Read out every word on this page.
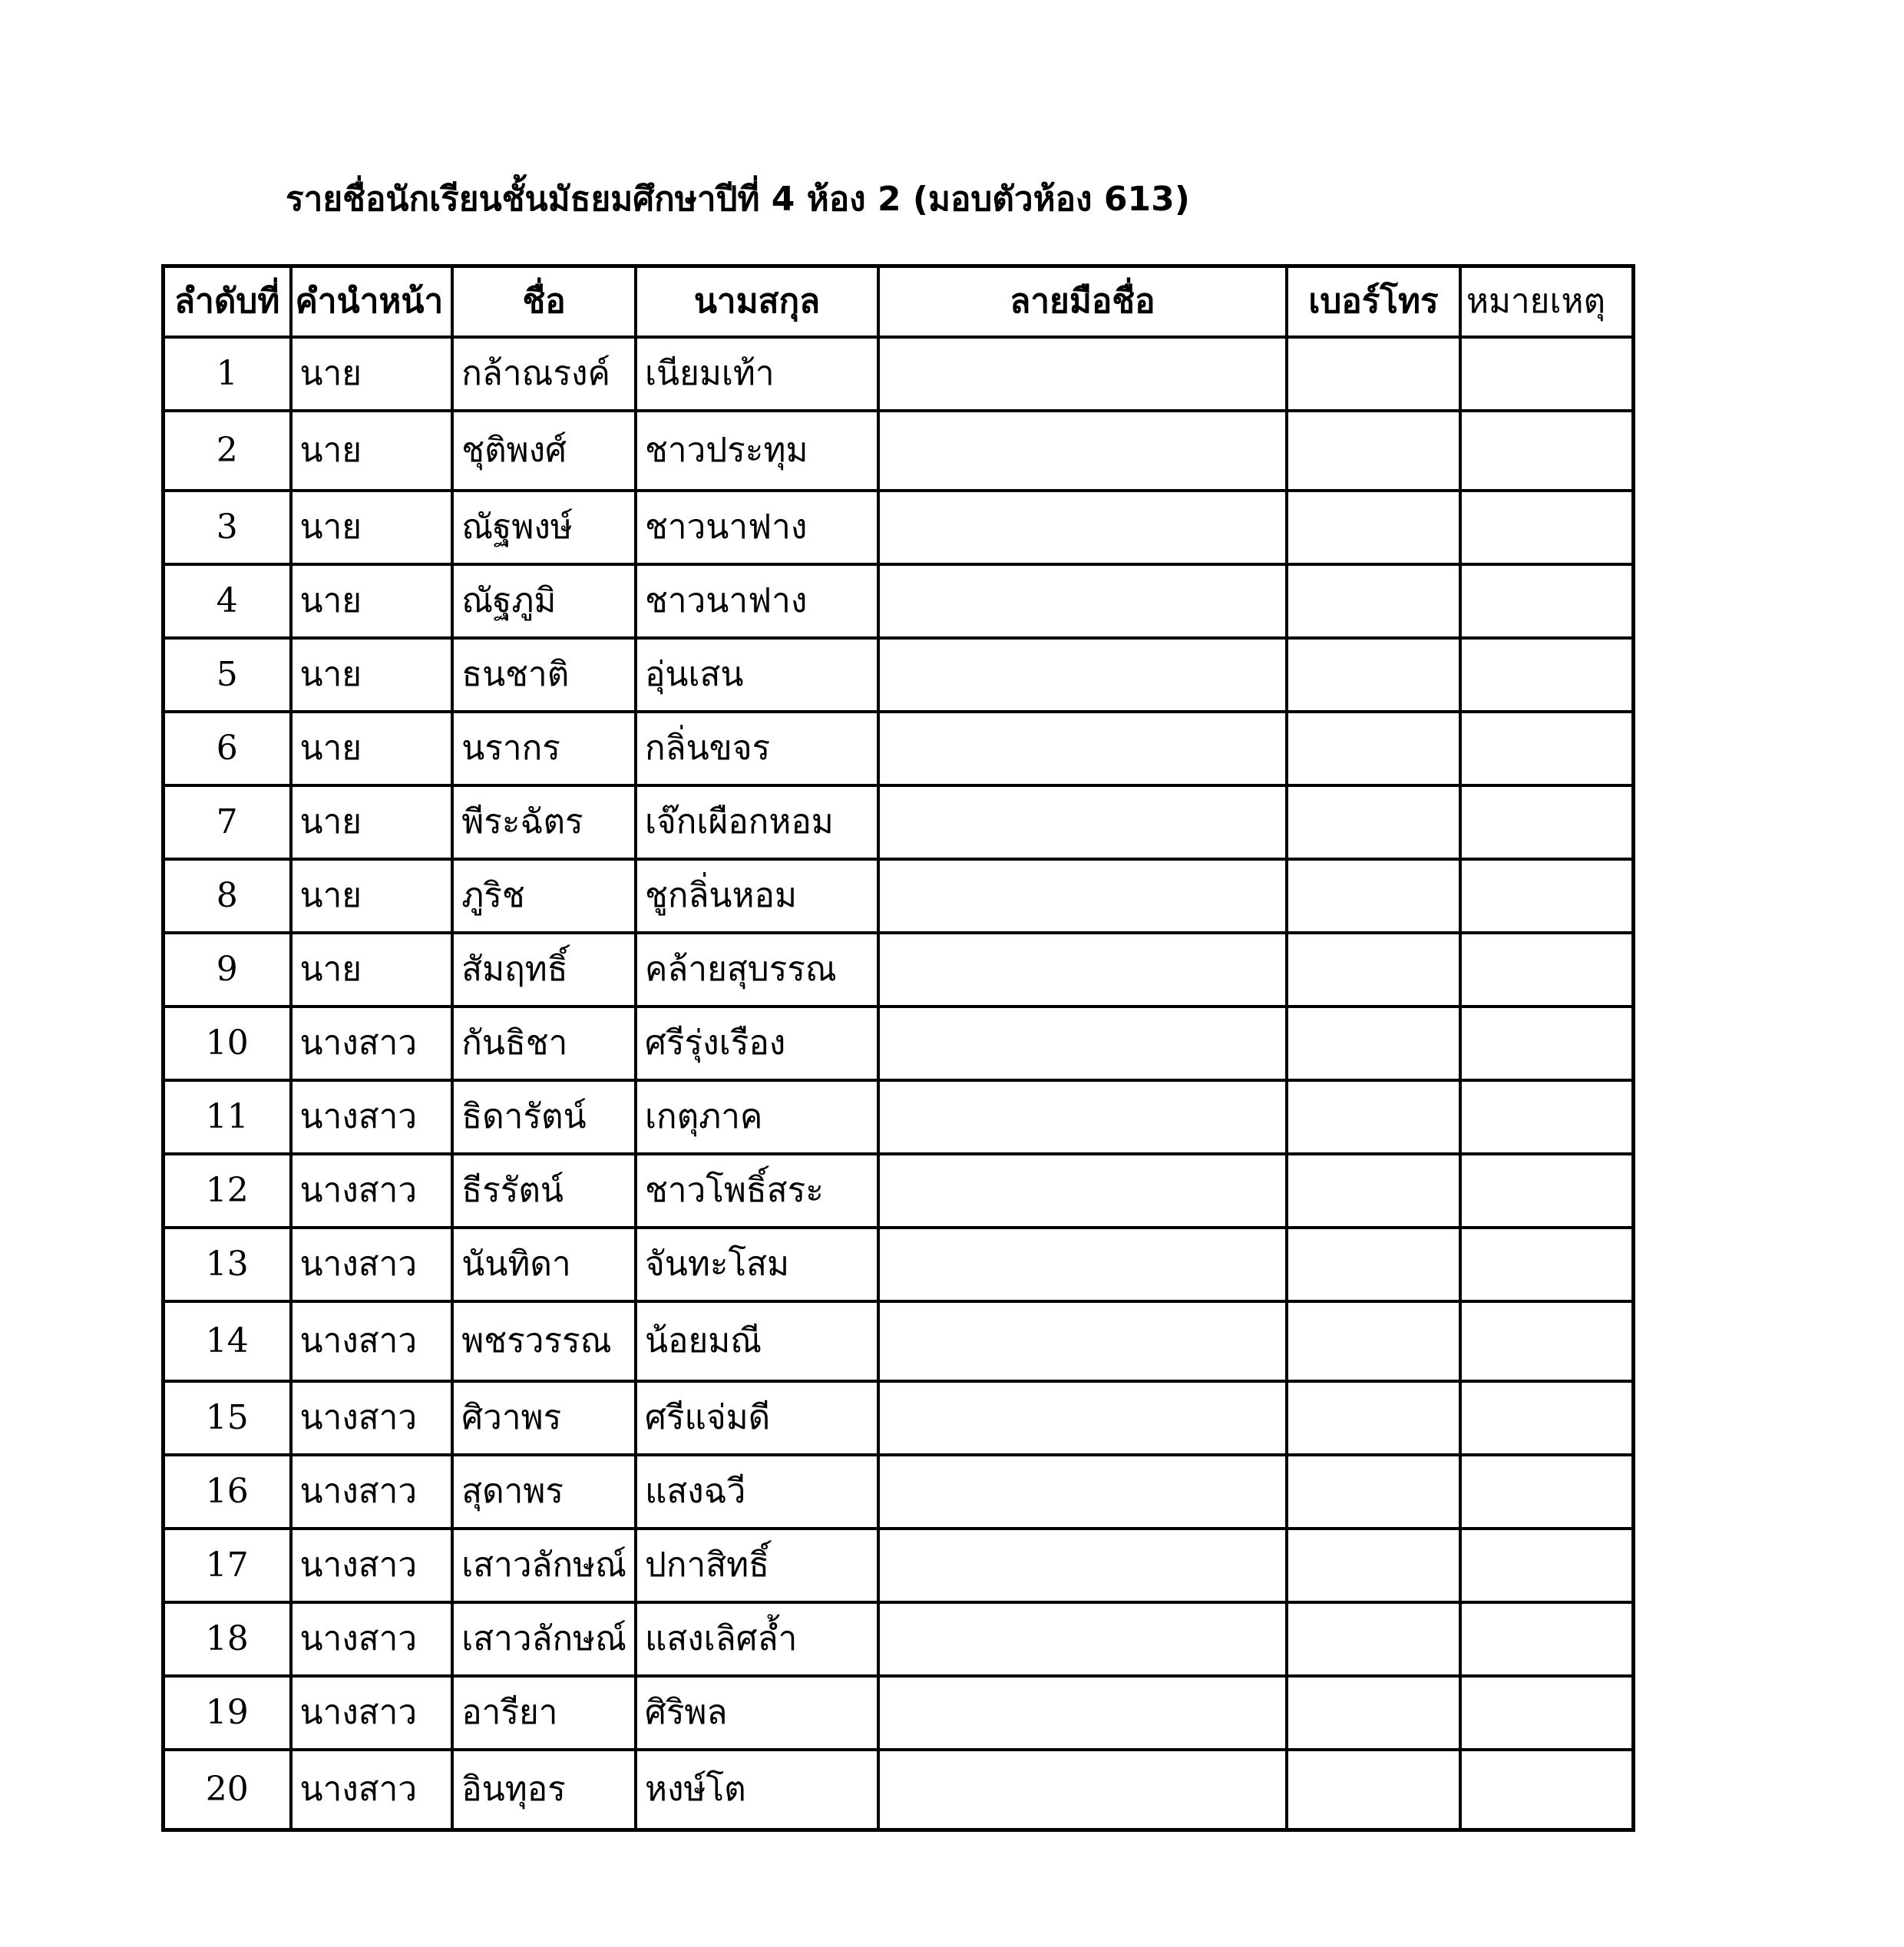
รายชื่อนักเรียนชั้นมัธยมศึกษาปีที่ 4 ห้อง 2 (มอบตัวห้อง 613)
ลำดับที่	คำนำหน้า	ชื่อ	นามสกุล	ลายมือชื่อ	เบอร์โทร	หมายเหตุ
1	นาย	กล้าณรงค์	เนียมเท้า			
2	นาย	ชุติพงศ์	ชาวประทุม			
3	นาย	ณัฐพงษ์	ชาวนาฟาง			
4	นาย	ณัฐภูมิ	ชาวนาฟาง			
5	นาย	ธนชาติ	อุ่นเสน			
6	นาย	นรากร	กลิ่นขจร			
7	นาย	พีระฉัตร	เจ๊กเผือกหอม			
8	นาย	ภูริช	ชูกลิ่นหอม			
9	นาย	สัมฤทธิ์	คล้ายสุบรรณ			
10	นางสาว	กันธิชา	ศรีรุ่งเรือง			
11	นางสาว	ธิดารัตน์	เกตุภาค			
12	นางสาว	ธีรรัตน์	ชาวโพธิ์สระ			
13	นางสาว	นันทิดา	จันทะโสม			
14	นางสาว	พชรวรรณ	น้อยมณี			
15	นางสาว	ศิวาพร	ศรีแจ่มดี			
16	นางสาว	สุดาพร	แสงฉวี			
17	นางสาว	เสาวลักษณ์	ปกาสิทธิ์			
18	นางสาว	เสาวลักษณ์	แสงเลิศล้ำ			
19	นางสาว	อารียา	ศิริพล			
20	นางสาว	อินทุอร	หงษ์โต			
